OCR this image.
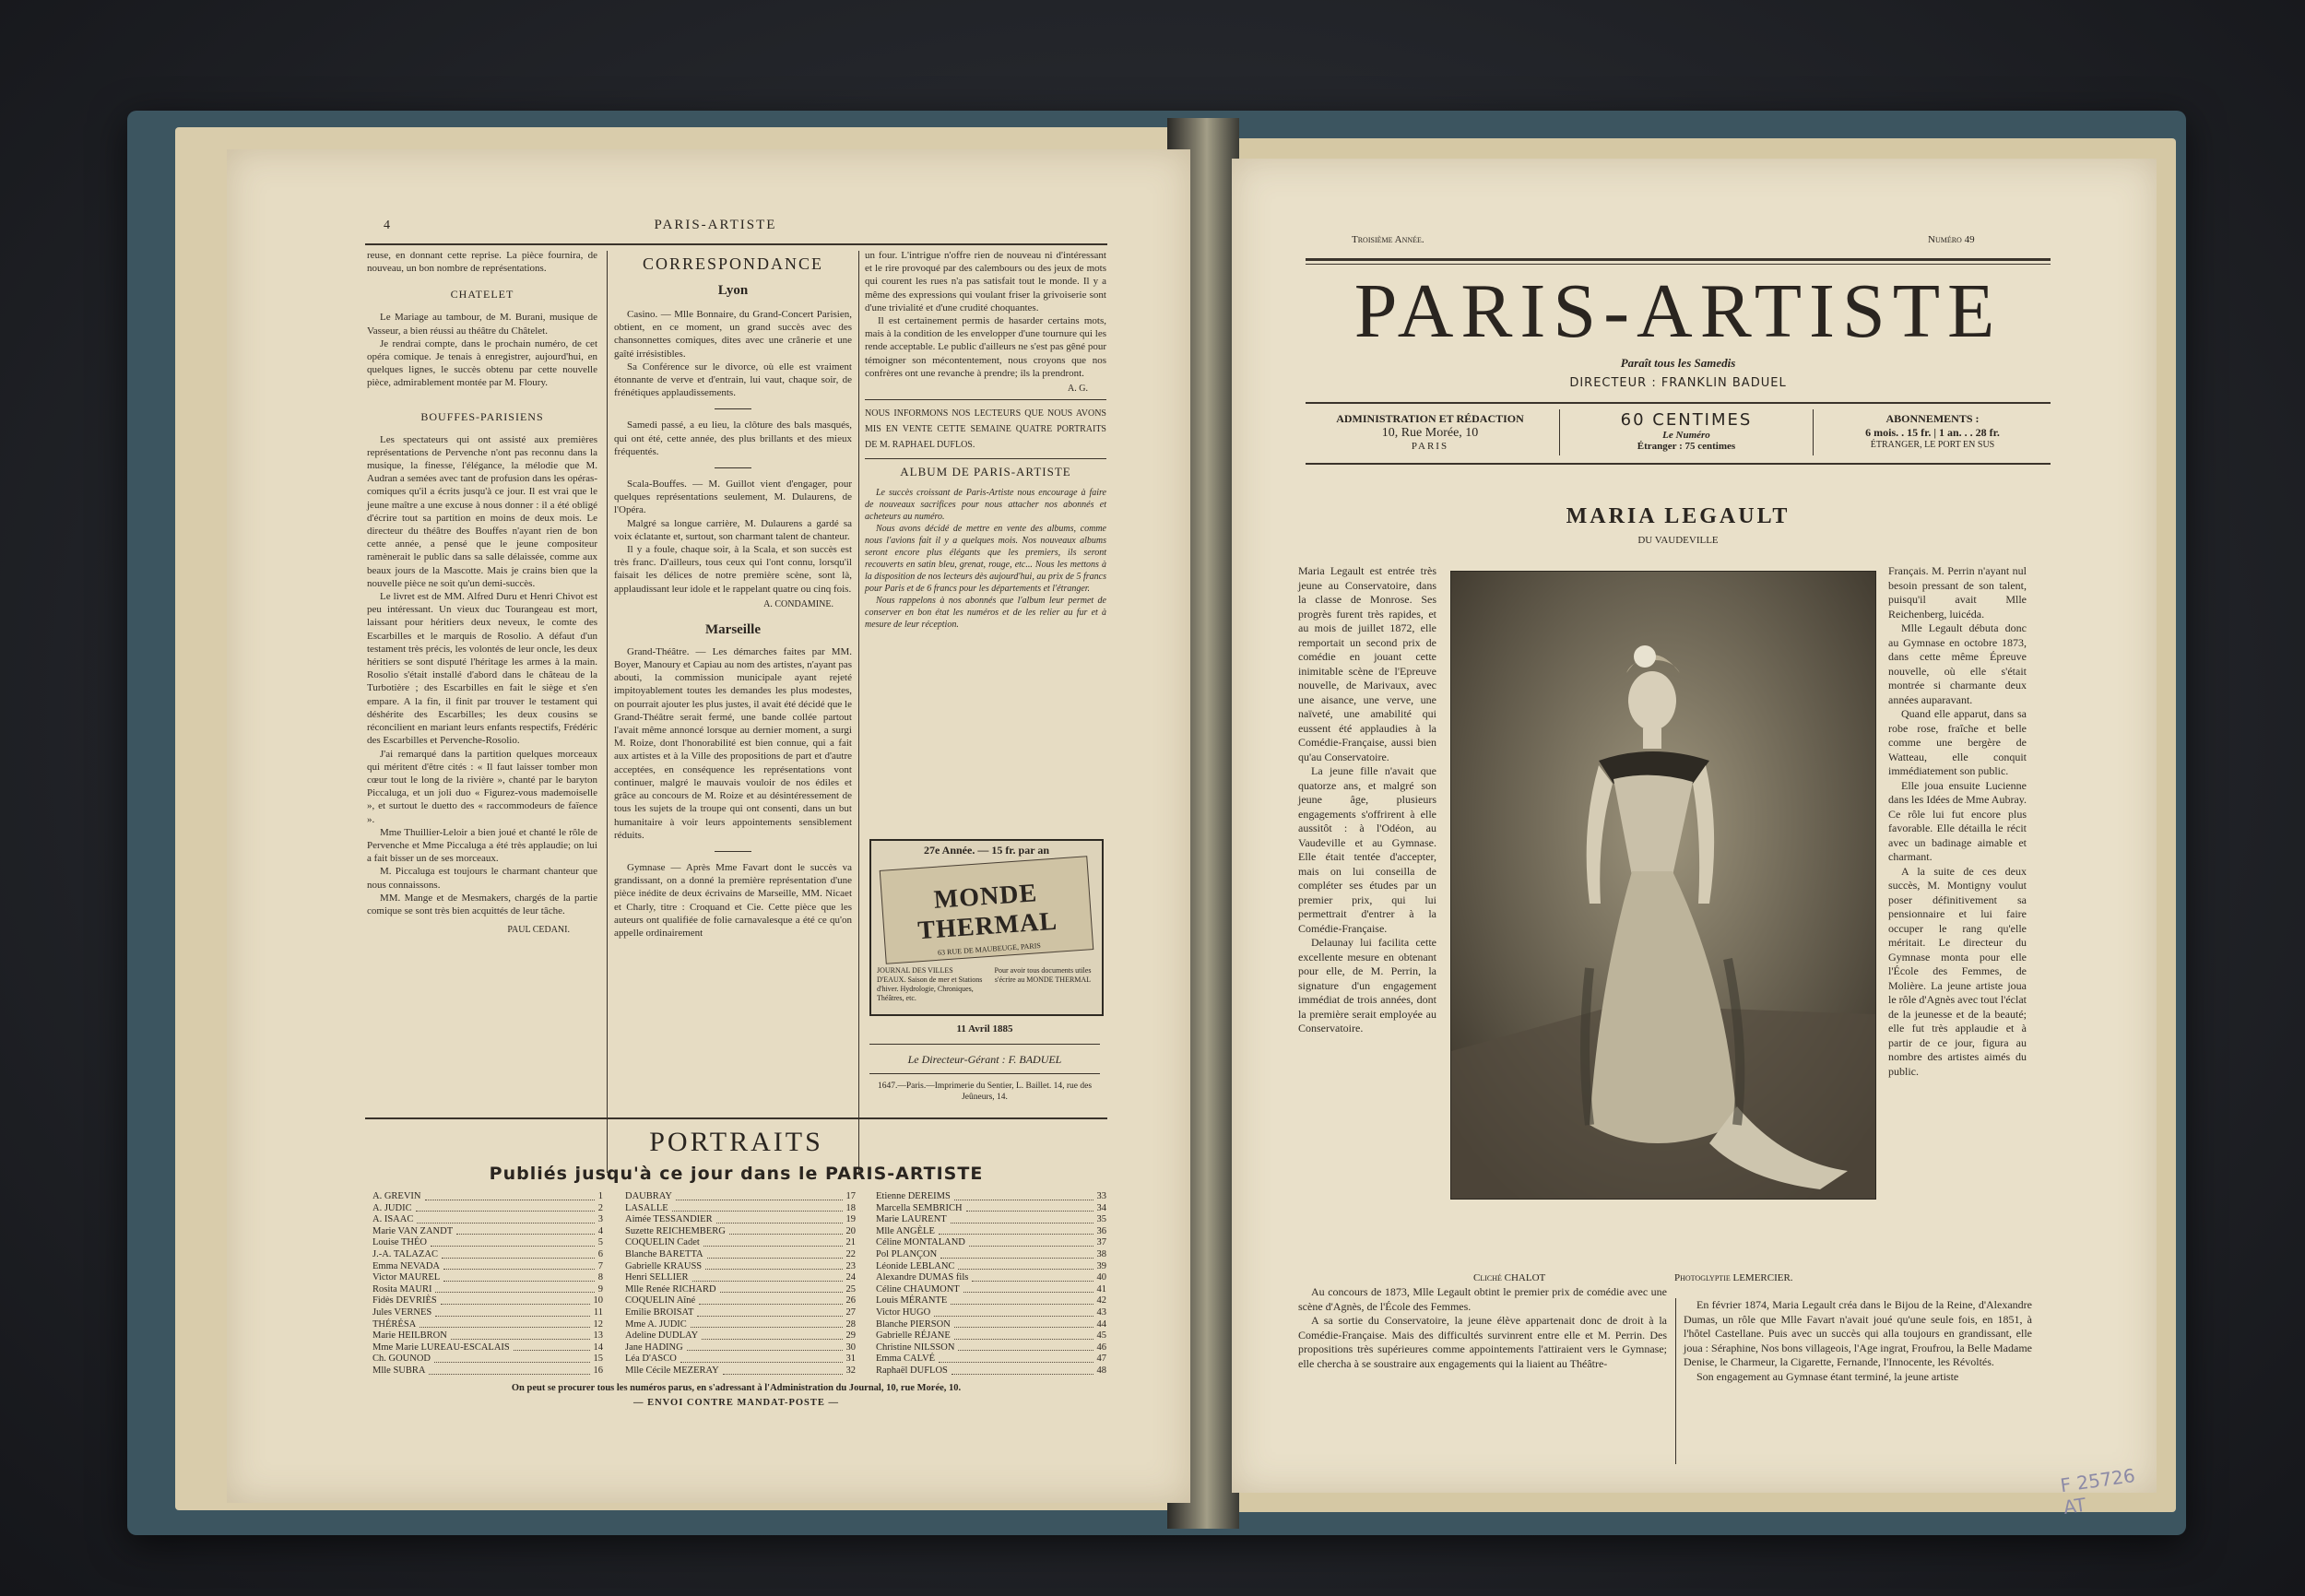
4	PARIS-ARTISTE

reuse, en donnant cette reprise. La pièce fournira, de nouveau, un bon nombre de représentations.

CHATELET

Le Mariage au tambour, de M. Burani, musique de Vasseur, a bien réussi au théâtre du Châtelet.

Je rendrai compte, dans le prochain numéro, de cet opéra comique. Je tenais à enregistrer, aujourd'hui, en quelques lignes, le succès obtenu par cette nouvelle pièce, admirablement montée par M. Floury.

BOUFFES-PARISIENS

Les spectateurs qui ont assisté aux premières représentations de Pervenche n'ont pas reconnu dans la musique, la finesse, l'élégance, la mélodie que M. Audran a semées avec tant de profusion dans les opéras-comiques qu'il a écrits jusqu'à ce jour. Il est vrai que le jeune maître a une excuse à nous donner : il a été obligé d'écrire tout sa partition en moins de deux mois. Le directeur du théâtre des Bouffes n'ayant rien de bon cette année, a pensé que le jeune compositeur ramènerait le public dans sa salle délaissée, comme aux beaux jours de la Mascotte. Mais je crains bien que la nouvelle pièce ne soit qu'un demi-succès.

Le livret est de MM. Alfred Duru et Henri Chivot est peu intéressant. Un vieux duc Tourangeau est mort, laissant pour héritiers deux neveux, le comte des Escarbilles et le marquis de Rosolio. A défaut d'un testament très précis, les volontés de leur oncle, les deux héritiers se sont disputé l'héritage les armes à la main. Rosolio s'était installé d'abord dans le château de la Turbotière ; des Escarbilles en fait le siège et s'en empare. A la fin, il finit par trouver le testament qui déshérite des Escarbilles; les deux cousins se réconcilient en mariant leurs enfants respectifs, Frédéric des Escarbilles et Pervenche-Rosolio.

J'ai remarqué dans la partition quelques morceaux qui méritent d'être cités : « Il faut laisser tomber mon cœur tout le long de la rivière », chanté par le baryton Piccaluga, et un joli duo « Figurez-vous mademoiselle », et surtout le duetto des « raccommodeurs de faïence ».

Mme Thuillier-Leloir a bien joué et chanté le rôle de Pervenche et Mme Piccaluga a été très applaudie; on lui a fait bisser un de ses morceaux.

M. Piccaluga est toujours le charmant chanteur que nous connaissons.

MM. Mange et de Mesmakers, chargés de la partie comique se sont très bien acquittés de leur tâche.

PAUL CEDANI.
CORRESPONDANCE
Lyon

Casino. — Mlle Bonnaire, du Grand-Concert Parisien, obtient, en ce moment, un grand succès avec des chansonnettes comiques, dites avec une crânerie et une gaîté irrésistibles.

Sa Conférence sur le divorce, où elle est vraiment étonnante de verve et d'entrain, lui vaut, chaque soir, de frénétiques applaudissements.

Samedi passé, a eu lieu, la clôture des bals masqués, qui ont été, cette année, des plus brillants et des mieux fréquentés.

Scala-Bouffes. — M. Guillot vient d'engager, pour quelques représentations seulement, M. Dulaurens, de l'Opéra.

Malgré sa longue carrière, M. Dulaurens a gardé sa voix éclatante et, surtout, son charmant talent de chanteur.

Il y a foule, chaque soir, à la Scala, et son succès est très franc. D'ailleurs, tous ceux qui l'ont connu, lorsqu'il faisait les délices de notre première scène, sont là, applaudissant leur idole et le rappelant quatre ou cinq fois.

A. CONDAMINE.
Marseille

Grand-Théâtre. — Les démarches faites par MM. Boyer, Manoury et Capiau au nom des artistes, n'ayant pas abouti, la commission municipale ayant rejeté impitoyablement toutes les demandes les plus modestes, on pourrait ajouter les plus justes, il avait été décidé que le Grand-Théâtre serait fermé, une bande collée partout l'avait même annoncé lorsque au dernier moment, a surgi M. Roize, dont l'honorabilité est bien connue, qui a fait aux artistes et à la Ville des propositions de part et d'autre acceptées, en conséquence les représentations vont continuer, malgré le mauvais vouloir de nos édiles et grâce au concours de M. Roize et au désintéressement de tous les sujets de la troupe qui ont consenti, dans un but humanitaire à voir leurs appointements sensiblement réduits.

Gymnase — Après Mme Favart dont le succès va grandissant, on a donné la première représentation d'une pièce inédite de deux écrivains de Marseille, MM. Nicaet et Charly, titre : Croquand et Cie. Cette pièce que les auteurs ont qualifiée de folie carnavalesque a été ce qu'on appelle ordinairement

un four. L'intrigue n'offre rien de nouveau ni d'intéressant et le rire provoqué par des calembours ou des jeux de mots qui courent les rues n'a pas satisfait tout le monde. Il y a même des expressions qui voulant friser la grivoiserie sont d'une trivialité et d'une crudité choquantes.

Il est certainement permis de hasarder certains mots, mais à la condition de les envelopper d'une tournure qui les rende acceptable. Le public d'ailleurs ne s'est pas gêné pour témoigner son mécontentement, nous croyons que nos confrères ont une revanche à prendre; ils la prendront.

A. G.

NOUS INFORMONS NOS LECTEURS QUE NOUS AVONS MIS EN VENTE CETTE SEMAINE QUATRE PORTRAITS DE M. RAPHAEL DUFLOS.

ALBUM DE PARIS-ARTISTE

Le succès croissant de Paris-Artiste nous encourage à faire de nouveaux sacrifices pour nous attacher nos abonnés et acheteurs au numéro.

Nous avons décidé de mettre en vente des albums, comme nous l'avions fait il y a quelques mois. Nos nouveaux albums seront encore plus élégants que les premiers, ils seront recouverts en satin bleu, grenat, rouge, etc... Nous les mettons à la disposition de nos lecteurs dès aujourd'hui, au prix de 5 francs pour Paris et de 6 francs pour les départements et l'étranger.

Nous rappelons à nos abonnés que l'album leur permet de conserver en bon état les numéros et de les relier au fur et à mesure de leur réception.

27e Année. — 15 fr. par an
MONDE THERMAL
63 RUE DE MAUBEUGE, PARIS
JOURNAL DES VILLES D'EAUX. Saison de mer et Stations d'hiver. Hydrologie, Chroniques, Théâtres, etc.
Pour avoir tous documents utiles s'écrire au MONDE THERMAL
11 Avril 1885
Le Directeur-Gérant : F. BADUEL
1647.—Paris.—Imprimerie du Sentier, L. Baillet. 14, rue des Jeûneurs, 14.
PORTRAITS
Publiés jusqu'à ce jour dans le PARIS-ARTISTE
A. GREVIN	1
A. JUDIC	2
A. ISAAC	3
Marie VAN ZANDT	4
Louise THÉO	5
J.-A. TALAZAC	6
Emma NEVADA	7
Victor MAUREL	8
Rosita MAURI	9
Fidès DEVRIÈS	10
Jules VERNES	11
THÉRÉSA	12
Marie HEILBRON	13
Mme Marie LUREAU-ESCALAIS	14
Ch. GOUNOD	15
Mlle SUBRA	16
DAUBRAY	17
LASALLE	18
Aimée TESSANDIER	19
Suzette REICHEMBERG	20
COQUELIN Cadet	21
Blanche BARETTA	22
Gabrielle KRAUSS	23
Henri SELLIER	24
Mlle Renée RICHARD	25
COQUELIN Aîné	26
Emilie BROISAT	27
Mme A. JUDIC	28
Adeline DUDLAY	29
Jane HADING	30
Léa D'ASCO	31
Mlle Cécile MEZERAY	32
Etienne DEREIMS	33
Marcella SEMBRICH	34
Marie LAURENT	35
Mlle ANGÈLE	36
Céline MONTALAND	37
Pol PLANÇON	38
Léonide LEBLANC	39
Alexandre DUMAS fils	40
Céline CHAUMONT	41
Louis MÉRANTE	42
Victor HUGO	43
Blanche PIERSON	44
Gabrielle RÉJANE	45
Christine NILSSON	46
Emma CALVÉ	47
Raphaël DUFLOS	48
On peut se procurer tous les numéros parus, en s'adressant à l'Administration du Journal, 10, rue Morée, 10.
— ENVOI CONTRE MANDAT-POSTE —
Troisième Année.	Numéro 49
PARIS-ARTISTE
Paraît tous les Samedis
DIRECTEUR : FRANKLIN BADUEL
ADMINISTRATION ET RÉDACTION
10, Rue Morée, 10
PARIS
60 CENTIMES
Le Numéro
Étranger : 75 centimes
ABONNEMENTS :
6 mois. . 15 fr. | 1 an. . . 28 fr.
ÉTRANGER, LE PORT EN SUS
MARIA LEGAULT
DU VAUDEVILLE

Maria Legault est entrée très jeune au Conservatoire, dans la classe de Monrose. Ses progrès furent très rapides, et au mois de juillet 1872, elle remportait un second prix de comédie en jouant cette inimitable scène de l'Epreuve nouvelle, de Marivaux, avec une aisance, une verve, une naïveté, une amabilité qui eussent été applaudies à la Comédie-Française, aussi bien qu'au Conservatoire.

La jeune fille n'avait que quatorze ans, et malgré son jeune âge, plusieurs engagements s'offrirent à elle aussitôt : à l'Odéon, au Vaudeville et au Gymnase. Elle était tentée d'accepter, mais on lui conseilla de compléter ses études par un premier prix, qui lui permettrait d'entrer à la Comédie-Française.

Delaunay lui facilita cette excellente mesure en obtenant pour elle, de M. Perrin, la signature d'un engagement immédiat de trois années, dont la première serait employée au Conservatoire.

Cliché CHALOT	Photoglyptie LEMERCIER.

Français. M. Perrin n'ayant nul besoin pressant de son talent, puisqu'il avait Mlle Reichenberg, luicéda.

Mlle Legault débuta donc au Gymnase en octobre 1873, dans cette même Épreuve nouvelle, où elle s'était montrée si charmante deux années auparavant.

Quand elle apparut, dans sa robe rose, fraîche et belle comme une bergère de Watteau, elle conquit immédiatement son public.

Elle joua ensuite Lucienne dans les Idées de Mme Aubray. Ce rôle lui fut encore plus favorable. Elle détailla le récit avec un badinage aimable et charmant.

A la suite de ces deux succès, M. Montigny voulut poser définitivement sa pensionnaire et lui faire occuper le rang qu'elle méritait. Le directeur du Gymnase monta pour elle l'École des Femmes, de Molière. La jeune artiste joua le rôle d'Agnès avec tout l'éclat de la jeunesse et de la beauté; elle fut très applaudie et à partir de ce jour, figura au nombre des artistes aimés du public.

Au concours de 1873, Mlle Legault obtint le premier prix de comédie avec une scène d'Agnès, de l'École des Femmes.

A sa sortie du Conservatoire, la jeune élève appartenait donc de droit à la Comédie-Française. Mais des difficultés survinrent entre elle et M. Perrin. Des propositions très supérieures comme appointements l'attiraient vers le Gymnase; elle chercha à se soustraire aux engagements qui la liaient au Théâtre-

En février 1874, Maria Legault créa dans le Bijou de la Reine, d'Alexandre Dumas, un rôle que Mlle Favart n'avait joué qu'une seule fois, en 1851, à l'hôtel Castellane. Puis avec un succès qui alla toujours en grandissant, elle joua : Séraphine, Nos bons villageois, l'Age ingrat, Froufrou, la Belle Madame Denise, le Charmeur, la Cigarette, Fernande, l'Innocente, les Révoltés.

Son engagement au Gymnase étant terminé, la jeune artiste

F 25726 AT
